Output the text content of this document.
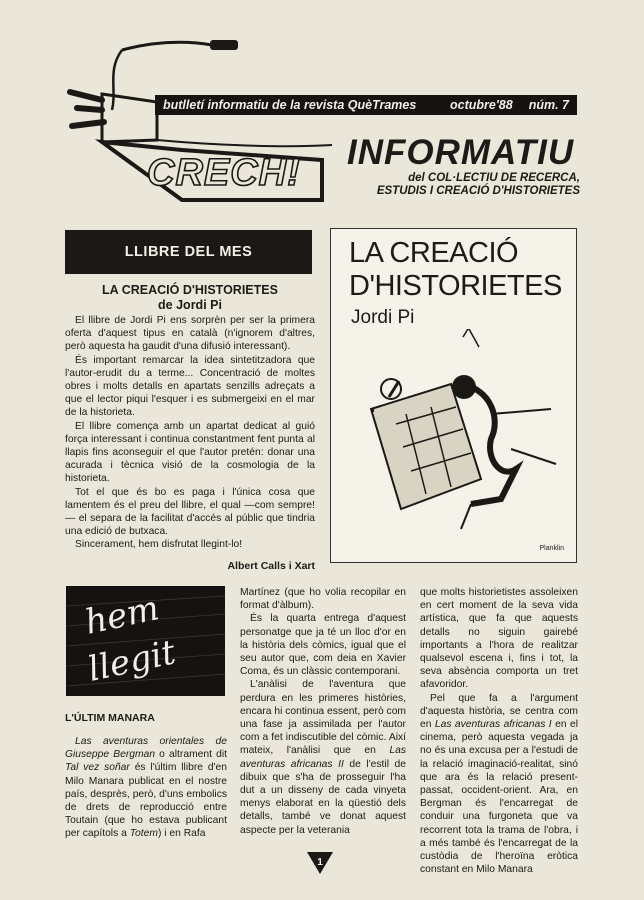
CRECH!
butlletí informatiu de la revista QuèTrames	octubre'88 núm. 7
INFORMATIU
del COL·LECTIU DE RECERCA,
ESTUDIS I CREACIÓ D'HISTORIETES
LLIBRE DEL MES
LA CREACIÓ D'HISTORIETES
de Jordi Pi

El llibre de Jordi Pi ens sorprèn per ser la primera oferta d'aquest tipus en català (n'ignorem d'altres, però aquesta ha gaudit d'una difusió interessant).

És important remarcar la idea sintetitzadora que l'autor-erudit du a terme... Concentració de moltes obres i molts detalls en apartats senzills adreçats a que el lector piqui l'esquer i es submergeixi en el mar de la historieta.

El llibre comença amb un apartat dedicat al guió força interessant i continua constantment fent punta al llapis fins aconseguir el que l'autor pretén: donar una acurada i tècnica visió de la cosmologia de la historieta.

Tot el que és bo es paga i l'única cosa que lamentem és el preu del llibre, el qual —com sempre!— el separa de la facilitat d'accés al públic que tindria una edició de butxaca.

Sincerament, hem disfrutat llegint-lo!

Albert Calls i Xart
LA CREACIÓ
D'HISTORIETES
Jordi Pi
Planklin
hem
llegit
L'ÚLTIM MANARA

Las aventuras orientales de Giuseppe Bergman o altrament dit Tal vez soñar és l'últim llibre d'en Milo Manara publicat en el nostre país, desprès, però, d'uns embolics de drets de reproducció entre Toutain (que ho estava publicant per capítols a Totem) i en Rafa

Martínez (que ho volia recopilar en format d'àlbum).

És la quarta entrega d'aquest personatge que ja té un lloc d'or en la història dels còmics, igual que el seu autor que, com deia en Xavier Coma, és un clàssic contemporani.

L'anàlisi de l'aventura que perdura en les primeres històries, encara hi continua essent, però com una fase ja assimilada per l'autor com a fet indiscutible del còmic. Així mateix, l'anàlisi que en Las aventuras africanas II de l'estil de dibuix que s'ha de prosseguir l'ha dut a un disseny de cada vinyeta menys elaborat en la qüestió dels detalls, també ve donat aquest aspecte per la veterania

que molts historietistes assoleixen en cert moment de la seva vida artística, que fa que aquests detalls no siguin gairebé importants a l'hora de realitzar qualsevol escena i, fins i tot, la seva absència comporta un tret afavoridor.

Pel que fa a l'argument d'aquesta història, se centra com en Las aventuras africanas I en el cinema, però aquesta vegada ja no és una excusa per a l'estudi de la relació imaginació-realitat, sinó que ara és la relació present-passat, occident-orient. Ara, en Bergman és l'encarregat de conduir una furgoneta que va recorrent tota la trama de l'obra, i a més també és l'encarregat de la custòdia de l'heroïna eròtica constant en Milo Manara

1
